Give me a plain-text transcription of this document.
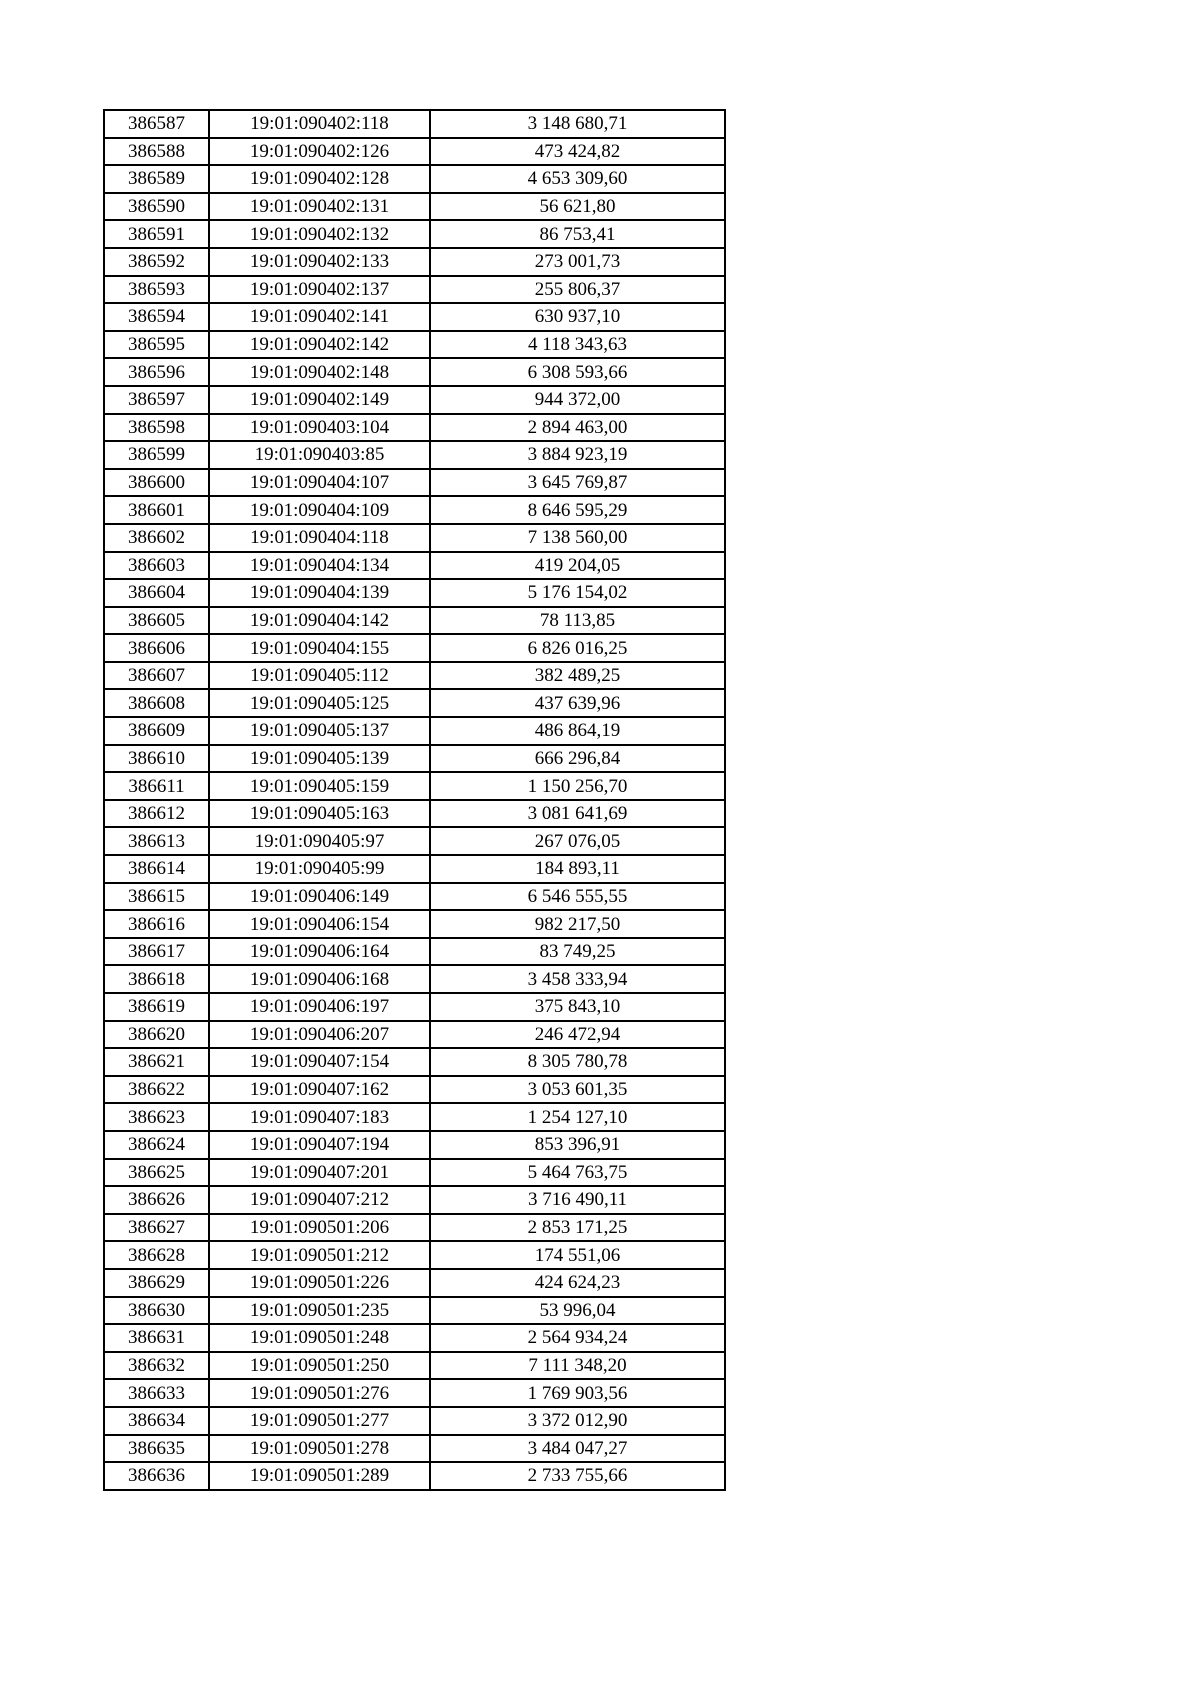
386587	19:01:090402:118	3 148 680,71
386588	19:01:090402:126	473 424,82
386589	19:01:090402:128	4 653 309,60
386590	19:01:090402:131	56 621,80
386591	19:01:090402:132	86 753,41
386592	19:01:090402:133	273 001,73
386593	19:01:090402:137	255 806,37
386594	19:01:090402:141	630 937,10
386595	19:01:090402:142	4 118 343,63
386596	19:01:090402:148	6 308 593,66
386597	19:01:090402:149	944 372,00
386598	19:01:090403:104	2 894 463,00
386599	19:01:090403:85	3 884 923,19
386600	19:01:090404:107	3 645 769,87
386601	19:01:090404:109	8 646 595,29
386602	19:01:090404:118	7 138 560,00
386603	19:01:090404:134	419 204,05
386604	19:01:090404:139	5 176 154,02
386605	19:01:090404:142	78 113,85
386606	19:01:090404:155	6 826 016,25
386607	19:01:090405:112	382 489,25
386608	19:01:090405:125	437 639,96
386609	19:01:090405:137	486 864,19
386610	19:01:090405:139	666 296,84
386611	19:01:090405:159	1 150 256,70
386612	19:01:090405:163	3 081 641,69
386613	19:01:090405:97	267 076,05
386614	19:01:090405:99	184 893,11
386615	19:01:090406:149	6 546 555,55
386616	19:01:090406:154	982 217,50
386617	19:01:090406:164	83 749,25
386618	19:01:090406:168	3 458 333,94
386619	19:01:090406:197	375 843,10
386620	19:01:090406:207	246 472,94
386621	19:01:090407:154	8 305 780,78
386622	19:01:090407:162	3 053 601,35
386623	19:01:090407:183	1 254 127,10
386624	19:01:090407:194	853 396,91
386625	19:01:090407:201	5 464 763,75
386626	19:01:090407:212	3 716 490,11
386627	19:01:090501:206	2 853 171,25
386628	19:01:090501:212	174 551,06
386629	19:01:090501:226	424 624,23
386630	19:01:090501:235	53 996,04
386631	19:01:090501:248	2 564 934,24
386632	19:01:090501:250	7 111 348,20
386633	19:01:090501:276	1 769 903,56
386634	19:01:090501:277	3 372 012,90
386635	19:01:090501:278	3 484 047,27
386636	19:01:090501:289	2 733 755,66
